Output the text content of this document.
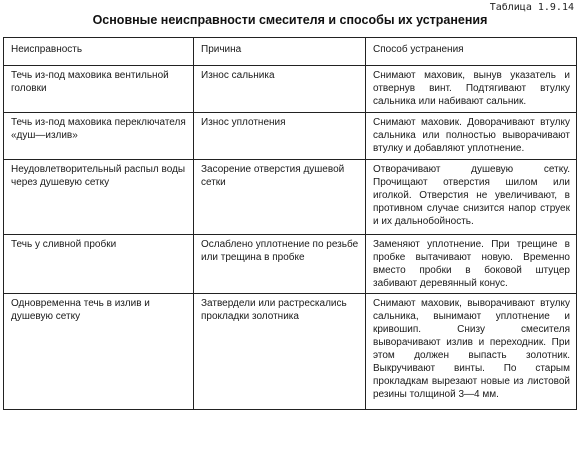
Таблица 1.9.14
Основные неисправности смесителя и способы их устранения
Неисправность	Причина	Способ устранения
Течь из-под маховика вентильной головки	Износ сальника	Снимают маховик, вынув указатель и отвернув винт. Подтягивают втулку сальника или набивают сальник.
Течь из-под маховика переключателя «душ—излив»	Износ уплотнения	Снимают маховик. Доворачивают втулку сальника или полностью выворачивают втулку и добавляют уплотнение.
Неудовлетворительный распыл воды через душевую сетку	Засорение отверстия душевой сетки	Отворачивают душевую сетку. Прочищают отверстия шилом или иголкой. Отверстия не увеличивают, в противном случае снизится напор струек и их дальнобойность.
Течь у сливной пробки	Ослаблено уплотнение по резьбе или трещина в пробке	Заменяют уплотнение. При трещине в пробке вытачивают новую. Временно вместо пробки в боковой штуцер забивают деревянный конус.
Одновременна течь в излив и душевую сетку	Затвердели или растрескались прокладки золотника	Снимают маховик, выворачивают втулку сальника, вынимают уплотнение и кривошип. Снизу смесителя выворачивают излив и переходник. При этом должен выпасть золотник. Выкручивают винты. По старым прокладкам вырезают новые из листовой резины толщиной 3—4 мм.
